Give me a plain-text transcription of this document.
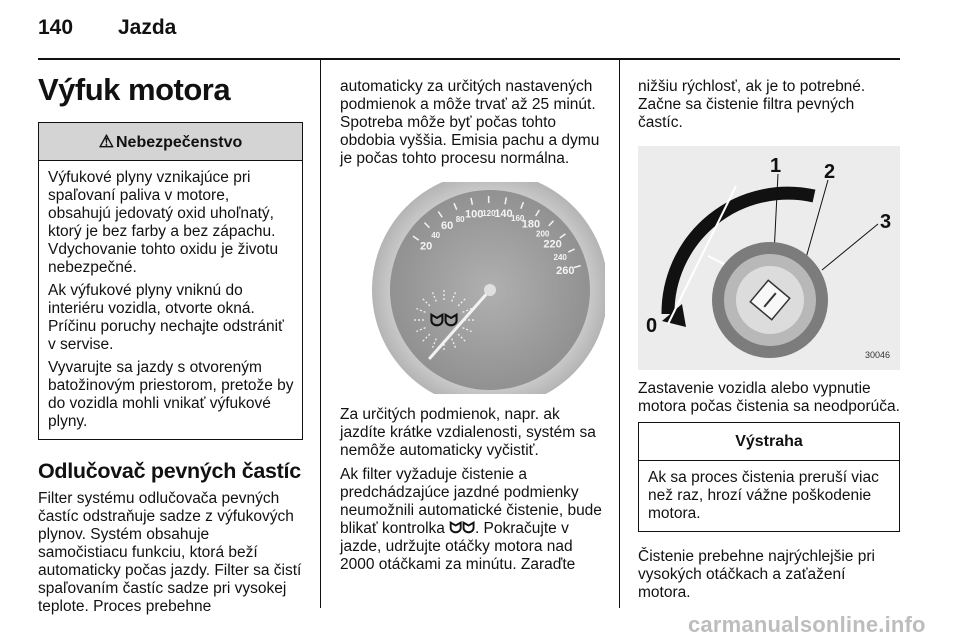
140 Jazda
Výfuk motora
⚠ Nebezpečenstvo

Výfukové plyny vznikajúce pri spaľovaní paliva v motore, obsahujú jedovatý oxid uhoľnatý, ktorý je bez farby a bez zápachu. Vdychovanie tohto oxidu je životu nebezpečné.

Ak výfukové plyny vniknú do interiéru vozidla, otvorte okná. Príčinu poruchy nechajte odstrániť v servise.

Vyvarujte sa jazdy s otvoreným batožinovým priestorom, pretože by do vozidla mohli vnikať výfukové plyny.

Odlučovač pevných častíc

Filter systému odlučovača pevných častíc odstraňuje sadze z výfukových plynov. Systém obsahuje samočistiacu funkciu, ktorá beží automaticky počas jazdy. Filter sa čistí spaľovaním častíc sadze pri vysokej teplote. Proces prebehne

automaticky za určitých nastavených podmienok a môže trvať až 25 minút. Spotreba môže byť počas tohto obdobia vyššia. Emisia pachu a dymu je počas tohto procesu normálna.

20
40
60
80 100
120
140
160
180
200
220
240
260
ᗢᗢ

Za určitých podmienok, napr. ak jazdíte krátke vzdialenosti, systém sa nemôže automaticky vyčistiť.

Ak filter vyžaduje čistenie a predchádzajúce jazdné podmienky neumožnili automatické čistenie, bude blikať kontrolka ᗢᗢ. Pokračujte v jazde, udržujte otáčky motora nad 2000 otáčkami za minútu. Zaraďte

nižšiu rýchlosť, ak je to potrebné. Začne sa čistenie filtra pevných častíc.

1 2
3
0
30046

Zastavenie vozidla alebo vypnutie motora počas čistenia sa neodporúča.

Výstraha

Ak sa proces čistenia preruší viac než raz, hrozí vážne poškodenie motora.

Čistenie prebehne najrýchlejšie pri vysokých otáčkach a zaťažení motora.

carmanualsonline.info
